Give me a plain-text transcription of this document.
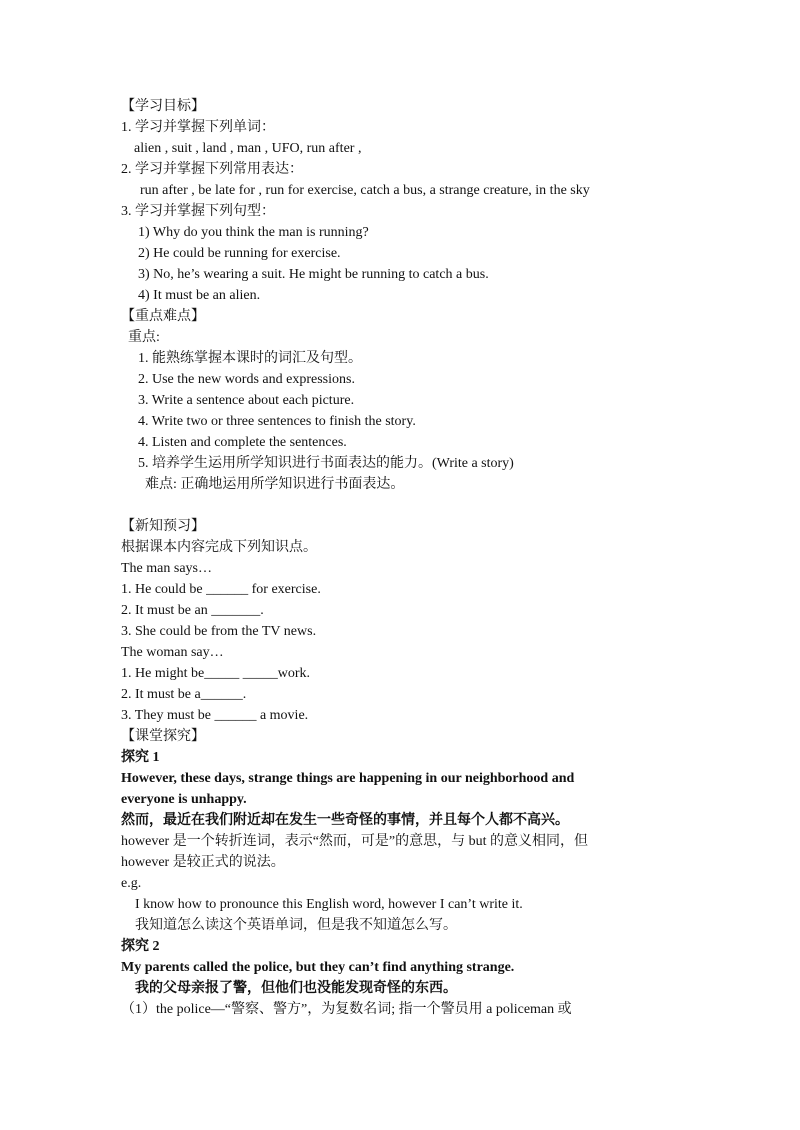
【学习目标】
1. 学习并掌握下列单词：
alien , suit , land , man , UFO, run after ,
2. 学习并掌握下列常用表达：
run after , be late for , run for exercise, catch a bus, a strange creature, in the sky
3. 学习并掌握下列句型：
1) Why do you think the man is running?
2) He could be running for exercise.
3) No, he’s wearing a suit. He might be running to catch a bus.
4) It must be an alien.
【重点难点】
重点:
1. 能熟练掌握本课时的词汇及句型。
2. Use the new words and expressions.
3. Write a sentence about each picture.
4. Write two or three sentences to finish the story.
4. Listen and complete the sentences.
5. 培养学生运用所学知识进行书面表达的能力。(Write a story)
难点: 正确地运用所学知识进行书面表达。
【新知预习】
根据课本内容完成下列知识点。
The man says…
1. He could be ______ for exercise.
2. It must be an _______.
3. She could be from the TV news.
The woman say…
1. He might be_____ _____work.
2. It must be a______.
3. They must be ______ a movie.
【课堂探究】
探究 1
However, these days, strange things are happening in our neighborhood and
everyone is unhappy.
然而，最近在我们附近却在发生一些奇怪的事情，并且每个人都不高兴。
however 是一个转折连词，表示“然而，可是”的意思，与 but 的意义相同，但
however 是较正式的说法。
e.g.
I know how to pronounce this English word, however I can’t write it.
我知道怎么读这个英语单词，但是我不知道怎么写。
探究 2
My parents called the police, but they can’t find anything strange.
我的父母亲报了警，但他们也没能发现奇怪的东西。
（1）the police—“警察、警方”，为复数名词; 指一个警员用 a policeman 或
